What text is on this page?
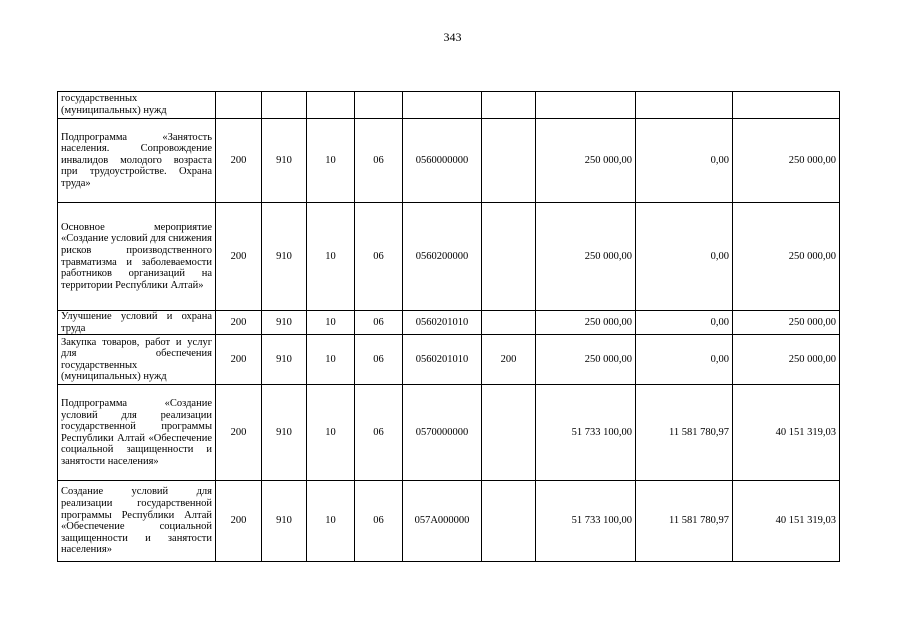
343
государственных (муниципальных) нужд									
Подпрограмма «Занятость населения. Сопровождение инвалидов молодого возраста при трудоустройстве. Охрана труда»	200	910	10	06	0560000000		250 000,00	0,00	250 000,00
Основное мероприятие «Создание условий для снижения рисков производственного травматизма и заболеваемости работников организаций на территории Республики Алтай»	200	910	10	06	0560200000		250 000,00	0,00	250 000,00
Улучшение условий и охрана труда	200	910	10	06	0560201010		250 000,00	0,00	250 000,00
Закупка товаров, работ и услуг для обеспечения государственных (муниципальных) нужд	200	910	10	06	0560201010	200	250 000,00	0,00	250 000,00
Подпрограмма «Создание условий для реализации государственной программы Республики Алтай «Обеспечение социальной защищенности и занятости населения»	200	910	10	06	0570000000		51 733 100,00	11 581 780,97	40 151 319,03
Создание условий для реализации государственной программы Республики Алтай «Обеспечение социальной защищенности и занятости населения»	200	910	10	06	057А000000		51 733 100,00	11 581 780,97	40 151 319,03
